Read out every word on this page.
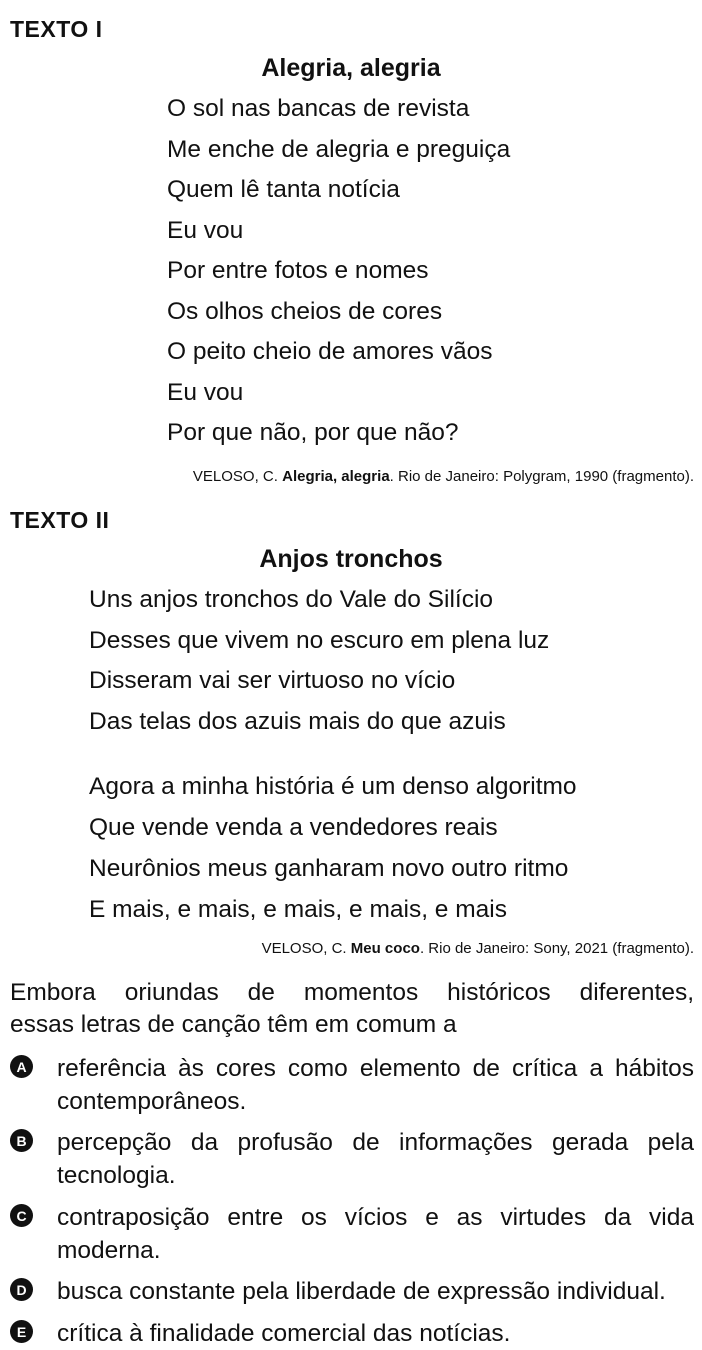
TEXTO I
Alegria, alegria
O sol nas bancas de revista
Me enche de alegria e preguiça
Quem lê tanta notícia
Eu vou
Por entre fotos e nomes
Os olhos cheios de cores
O peito cheio de amores vãos
Eu vou
Por que não, por que não?
VELOSO, C. Alegria, alegria. Rio de Janeiro: Polygram, 1990 (fragmento).
TEXTO II
Anjos tronchos
Uns anjos tronchos do Vale do Silício
Desses que vivem no escuro em plena luz
Disseram vai ser virtuoso no vício
Das telas dos azuis mais do que azuis
Agora a minha história é um denso algoritmo
Que vende venda a vendedores reais
Neurônios meus ganharam novo outro ritmo
E mais, e mais, e mais, e mais, e mais
VELOSO, C. Meu coco. Rio de Janeiro: Sony, 2021 (fragmento).
Embora oriundas de momentos históricos diferentes,
essas letras de canção têm em comum a
A referência às cores como elemento de crítica a hábitos
contemporâneos.
B percepção da profusão de informações gerada pela
tecnologia.
C contraposição entre os vícios e as virtudes da vida
moderna.
D busca constante pela liberdade de expressão individual.
E crítica à finalidade comercial das notícias.
